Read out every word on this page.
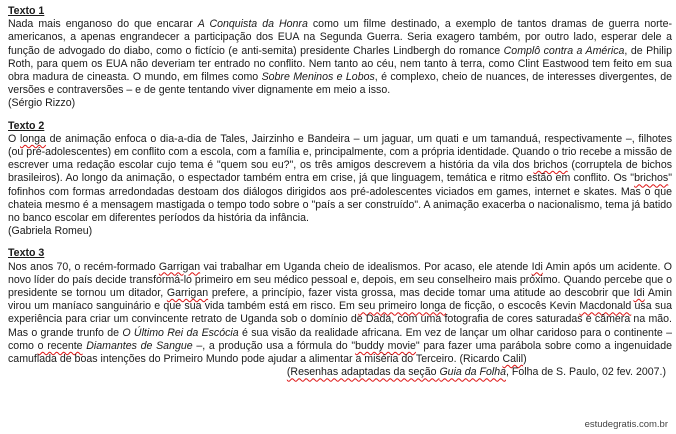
Texto 1

Nada mais enganoso do que encarar A Conquista da Honra como um filme destinado, a exemplo de tantos dramas de guerra norte-americanos, a apenas engrandecer a participação dos EUA na Segunda Guerra. Seria exagero também, por outro lado, esperar dele a função de advogado do diabo, como o fictício (e anti-semita) presidente Charles Lindbergh do romance Complô contra a América, de Philip Roth, para quem os EUA não deveriam ter entrado no conflito. Nem tanto ao céu, nem tanto à terra, como Clint Eastwood tem feito em sua obra madura de cineasta. O mundo, em filmes como Sobre Meninos e Lobos, é complexo, cheio de nuances, de interesses divergentes, de versões e contraversões – e de gente tentando viver dignamente em meio a isso.

(Sérgio Rizzo)

Texto 2

O longa de animação enfoca o dia-a-dia de Tales, Jairzinho e Bandeira – um jaguar, um quati e um tamanduá, respectivamente –, filhotes (ou pré-adolescentes) em conflito com a escola, com a família e, principalmente, com a própria identidade. Quando o trio recebe a missão de escrever uma redação escolar cujo tema é "quem sou eu?", os três amigos descrevem a história da vila dos brichos (corruptela de bichos brasileiros). Ao longo da animação, o espectador também entra em crise, já que linguagem, temática e ritmo estão em conflito. Os "brichos" fofinhos com formas arredondadas destoam dos diálogos dirigidos aos pré-adolescentes viciados em games, internet e skates. Mas o que chateia mesmo é a mensagem mastigada o tempo todo sobre o "país a ser construído". A animação exacerba o nacionalismo, tema já batido no banco escolar em diferentes períodos da história da infância.

(Gabriela Romeu)

Texto 3

Nos anos 70, o recém-formado Garrigan vai trabalhar em Uganda cheio de idealismos. Por acaso, ele atende Idi Amin após um acidente. O novo líder do país decide transformá-lo primeiro em seu médico pessoal e, depois, em seu conselheiro mais próximo. Quando percebe que o presidente se tornou um ditador, Garrigan prefere, a princípio, fazer vista grossa, mas decide tomar uma atitude ao descobrir que Idi Amin virou um maníaco sanguinário e que sua vida também está em risco. Em seu primeiro longa de ficção, o escocês Kevin Macdonald usa sua experiência para criar um convincente retrato de Uganda sob o domínio de Dada, com uma fotografia de cores saturadas e câmera na mão. Mas o grande trunfo de O Último Rei da Escócia é sua visão da realidade africana. Em vez de lançar um olhar caridoso para o continente – como o recente Diamantes de Sangue –, a produção usa a fórmula do "buddy movie" para fazer uma parábola sobre como a ingenuidade camuflada de boas intenções do Primeiro Mundo pode ajudar a alimentar a miséria do Terceiro. (Ricardo Calil)

(Resenhas adaptadas da seção Guia da Folha, Folha de S. Paulo, 02 fev. 2007.)

estudegratis.com.br
